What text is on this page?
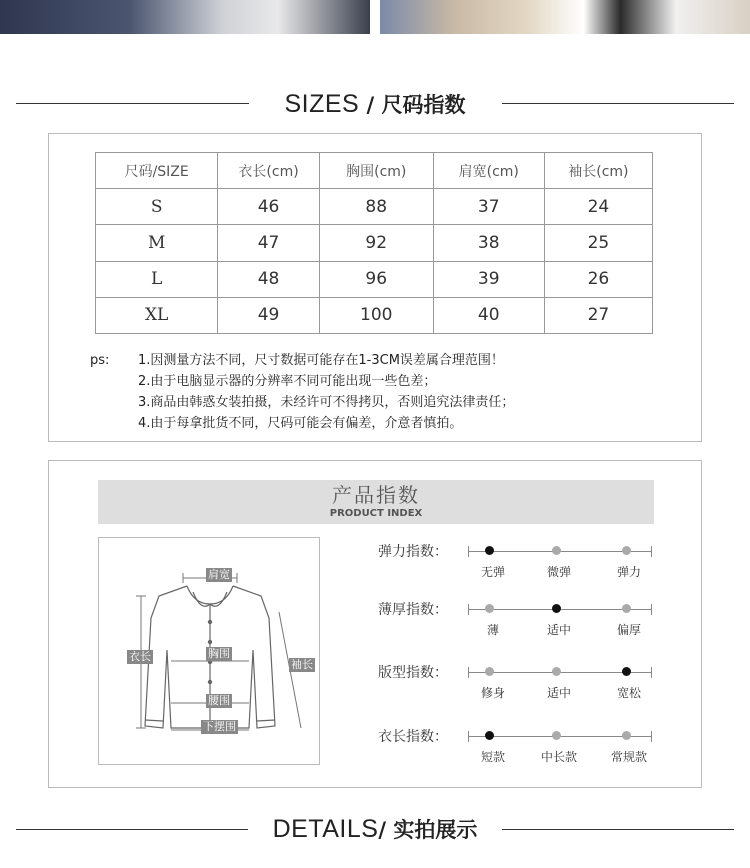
SIZES / 尺码指数
尺码/SIZE	衣长(cm)	胸围(cm)	肩宽(cm)	袖长(cm)
S	46	88	37	24
M	47	92	38	25
L	48	96	39	26
XL	49	100	40	27
ps: 1.因测量方法不同，尺寸数据可能存在1-3CM误差属合理范围！
2.由于电脑显示器的分辨率不同可能出现一些色差；
3.商品由韩惑女装拍摄，未经许可不得拷贝，否则追究法律责任；
4.由于每拿批货不同，尺码可能会有偏差，介意者慎拍。
产品指数
PRODUCT INDEX
肩宽
衣长	胸围
袖长
腰围
下摆围
弹力指数：
无弹	微弹	弹力
薄厚指数：
薄	适中	偏厚
版型指数：
修身	适中	宽松
衣长指数：
短款	中长款	常规款
DETAILS/ 实拍展示
